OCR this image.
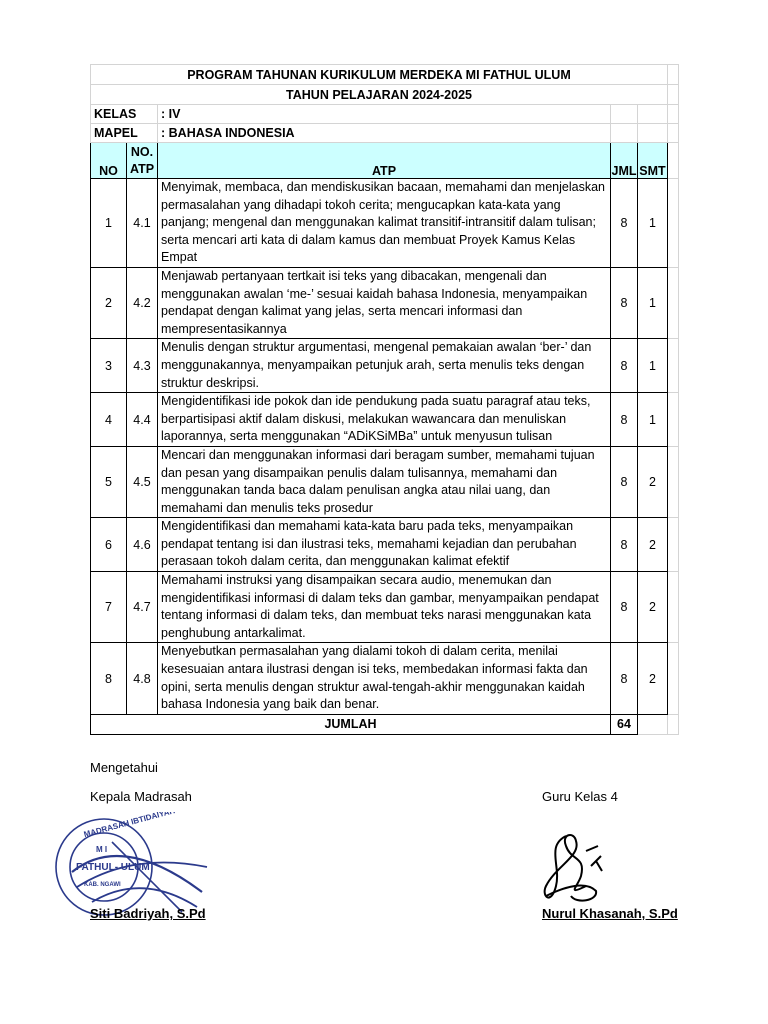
PROGRAM TAHUNAN KURIKULUM MERDEKA MI FATHUL ULUM					
TAHUN PELAJARAN 2024-2025					
KELAS		: IV			
MAPEL		: BAHASA INDONESIA			
NO	NO. ATP	ATP	JML	SMT	
1	4.1	Menyimak, membaca, dan mendiskusikan bacaan, memahami dan menjelaskan permasalahan yang dihadapi tokoh cerita; mengucapkan kata-kata yang panjang; mengenal dan menggunakan kalimat transitif-intransitif dalam tulisan; serta mencari arti kata di dalam kamus dan membuat Proyek Kamus Kelas Empat	8	1	
2	4.2	Menjawab pertanyaan tertkait isi teks yang dibacakan, mengenali dan menggunakan awalan ‘me-’ sesuai kaidah bahasa Indonesia, menyampaikan pendapat dengan kalimat yang jelas, serta mencari informasi dan mempresentasikannya	8	1	
3	4.3	Menulis dengan struktur argumentasi, mengenal pemakaian awalan ‘ber-’ dan menggunakannya, menyampaikan petunjuk arah, serta menulis teks dengan struktur deskripsi.	8	1	
4	4.4	Mengidentifikasi ide pokok dan ide pendukung pada suatu paragraf atau teks, berpartisipasi aktif dalam diskusi, melakukan wawancara dan menuliskan laporannya, serta menggunakan “ADiKSiMBa” untuk menyusun tulisan	8	1	
5	4.5	Mencari dan menggunakan informasi dari beragam sumber, memahami tujuan dan pesan yang disampaikan penulis dalam tulisannya, memahami dan menggunakan tanda baca dalam penulisan angka atau nilai uang, dan memahami dan menulis teks prosedur	8	2	
6	4.6	Mengidentifikasi dan memahami kata-kata baru pada teks, menyampaikan pendapat tentang isi dan ilustrasi teks, memahami kejadian dan perubahan perasaan tokoh dalam cerita, dan menggunakan kalimat efektif	8	2	
7	4.7	Memahami instruksi yang disampaikan secara audio, menemukan dan mengidentifikasi informasi di dalam teks dan gambar, menyampaikan pendapat tentang informasi di dalam teks, dan membuat teks narasi menggunakan kata penghubung antarkalimat.	8	2	
8	4.8	Menyebutkan permasalahan yang dialami tokoh di dalam cerita, menilai kesesuaian antara ilustrasi dengan isi teks, membedakan informasi fakta dan opini, serta menulis dengan struktur awal-tengah-akhir menggunakan kaidah bahasa Indonesia yang baik dan benar.	8	2	
JUMLAH			64		
Mengetahui
Kepala Madrasah	Guru Kelas 4
MADRASAH IBTIDAIYAH
M I
FATHUL- ULUM
KAB. NGAWI
Siti Badriyah, S.Pd	Nurul Khasanah, S.Pd
